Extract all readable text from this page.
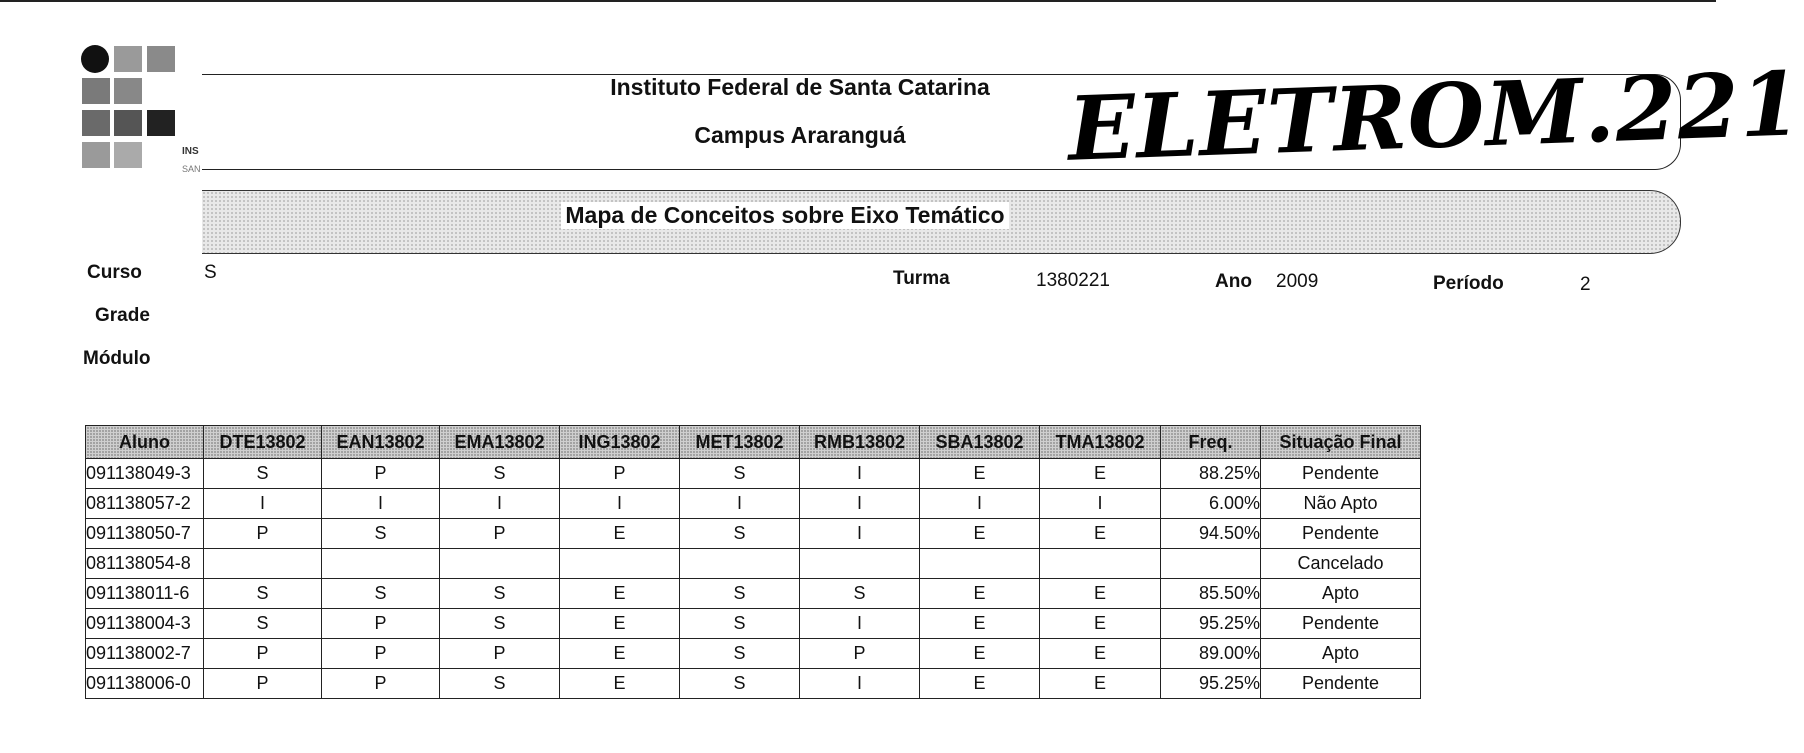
INS
SAN
Instituto Federal de Santa Catarina
Campus Araranguá	ELETROM.221
Mapa de Conceitos sobre Eixo Temático
Curso	S
Grade
Módulo
Turma	1380221	Ano 2009	Período	2
Aluno	DTE13802	EAN13802	EMA13802	ING13802	MET13802	RMB13802	SBA13802	TMA13802	Freq.	Situação Final
091138049-3	S	P	S	P	S	I	E	E	88.25%	Pendente
081138057-2	I	I	I	I	I	I	I	I	6.00%	Não Apto
091138050-7	P	S	P	E	S	I	E	E	94.50%	Pendente
081138054-8										Cancelado
091138011-6	S	S	S	E	S	S	E	E	85.50%	Apto
091138004-3	S	P	S	E	S	I	E	E	95.25%	Pendente
091138002-7	P	P	P	E	S	P	E	E	89.00%	Apto
091138006-0	P	P	S	E	S	I	E	E	95.25%	Pendente
